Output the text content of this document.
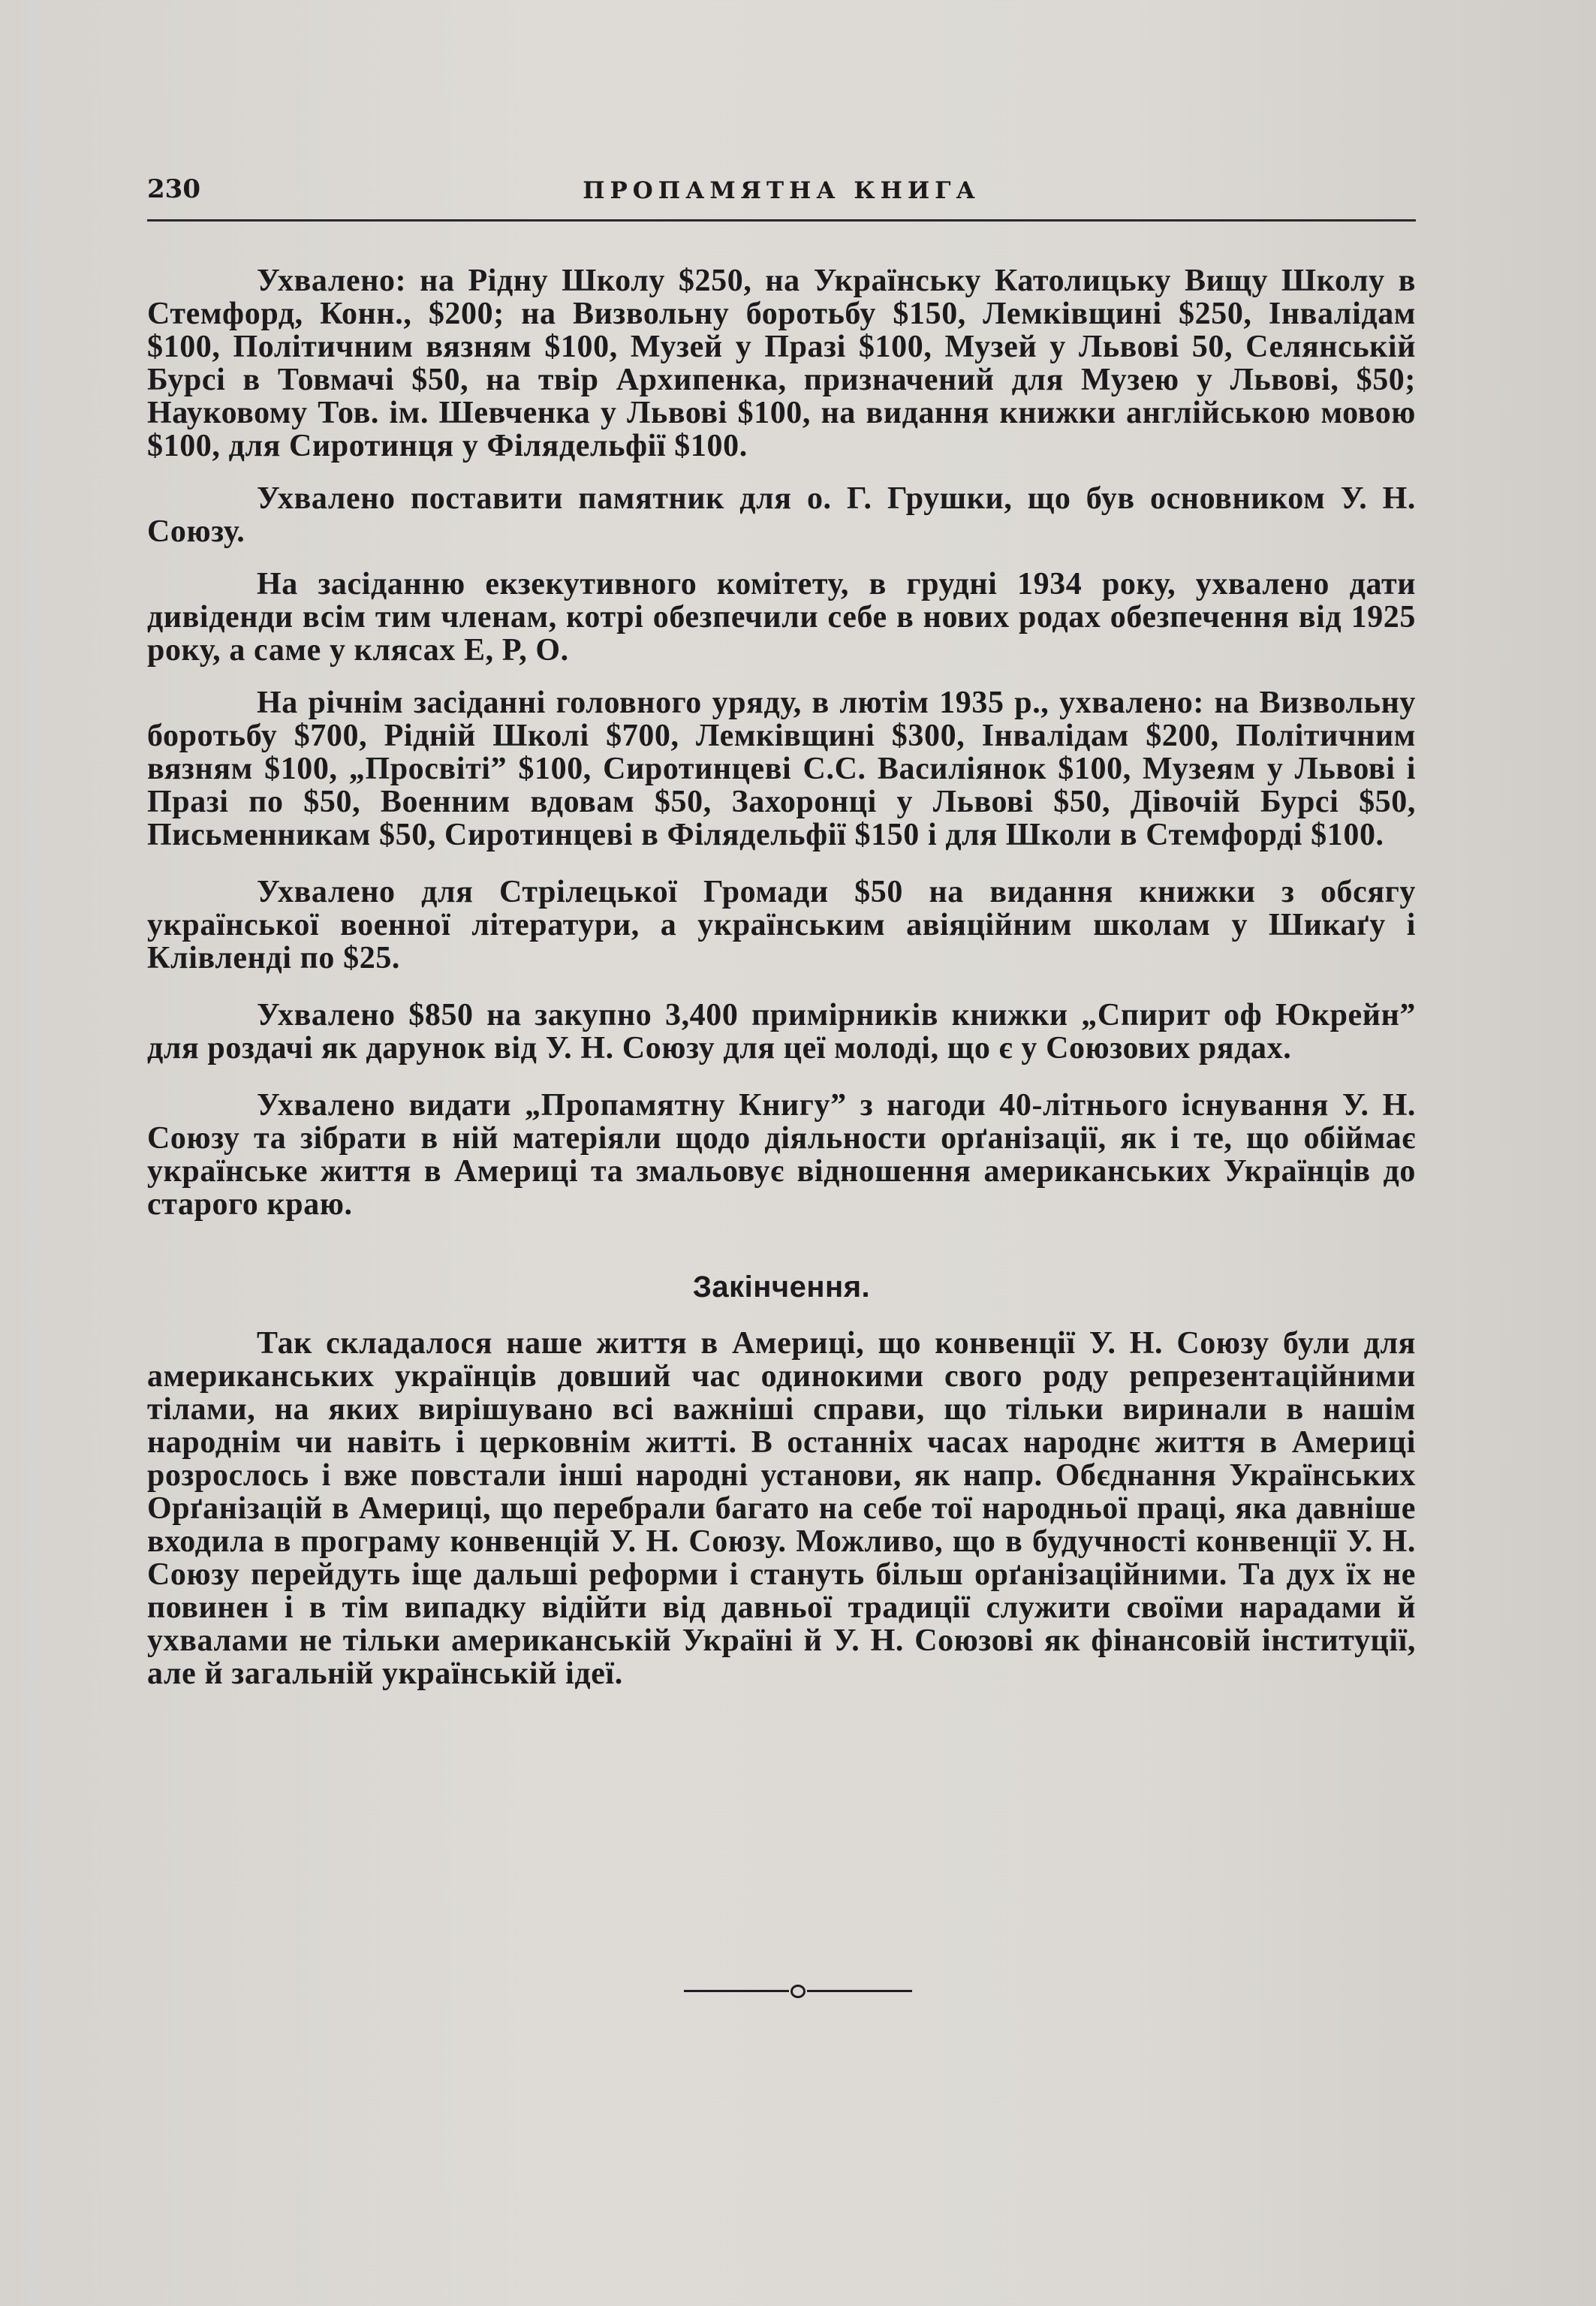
230	ПРОПАМЯТНА КНИГА

Ухвалено: на Рідну Школу $250, на Українську Католицьку Вищу Школу в Стемфорд, Конн., $200; на Визвольну боротьбу $150, Лемківщині $250, Інвалідам $100, Політичним вязням $100, Музей у Празі $100, Музей у Львові 50, Селянській Бурсі в Товмачі $50, на твір Архипенка, призначений для Музею у Львові, $50; Науковому Тов. ім. Шевченка у Львові $100, на видання книжки англійською мовою $100, для Сиротинця у Філядельфії $100.

Ухвалено поставити памятник для о. Г. Грушки, що був основником У. Н. Союзу.

На засіданню екзекутивного комітету, в грудні 1934 року, ухвалено дати дивіденди всім тим членам, котрі обезпечили себе в нових родах обезпечення від 1925 року, а саме у клясах E, P, O.

На річнім засіданні головного уряду, в лютім 1935 р., ухвалено: на Визвольну боротьбу $700, Рідній Школі $700, Лемківщині $300, Інвалідам $200, Політичним вязням $100, „Просвіті” $100, Сиротинцеві С.С. Василіянок $100, Музеям у Львові і Празі по $50, Военним вдовам $50, Захоронці у Львові $50, Дівочій Бурсі $50, Письменникам $50, Сиротинцеві в Філядельфії $150 і для Школи в Стемфорді $100.

Ухвалено для Стрілецької Громади $50 на видання книжки з обсягу української военної літератури, а українським авіяційним школам у Шикаґу і Клівленді по $25.

Ухвалено $850 на закупно 3,400 примірників книжки „Спирит оф Юкрейн” для роздачі як дарунок від У. Н. Союзу для цеї молоді, що є у Союзових рядах.

Ухвалено видати „Пропамятну Книгу” з нагоди 40-літнього існування У. Н. Союзу та зібрати в ній матеріяли щодо діяльности орґанізації, як і те, що обіймає українське життя в Америці та змальовує відношення американських Українців до старого краю.

Закінчення.

Так складалося наше життя в Америці, що конвенції У. Н. Союзу були для американських українців довший час одинокими свого роду репрезентаційними тілами, на яких вирішувано всі важніші справи, що тільки виринали в нашім народнім чи навіть і церковнім житті. В останніх часах народнє життя в Америці розрослось і вже повстали інші народні установи, як напр. Обєднання Українських Орґанізацій в Америці, що перебрали багато на себе тої народньої праці, яка давніше входила в програму конвенцій У. Н. Союзу. Можливо, що в будучності конвенції У. Н. Союзу перейдуть іще дальші реформи і стануть більш орґанізаційними. Та дух їх не повинен і в тім випадку відійти від давньої традиції служити своїми нарадами й ухвалами не тільки американській Україні й У. Н. Союзові як фінансовій інституції, але й загальній українській ідеї.
